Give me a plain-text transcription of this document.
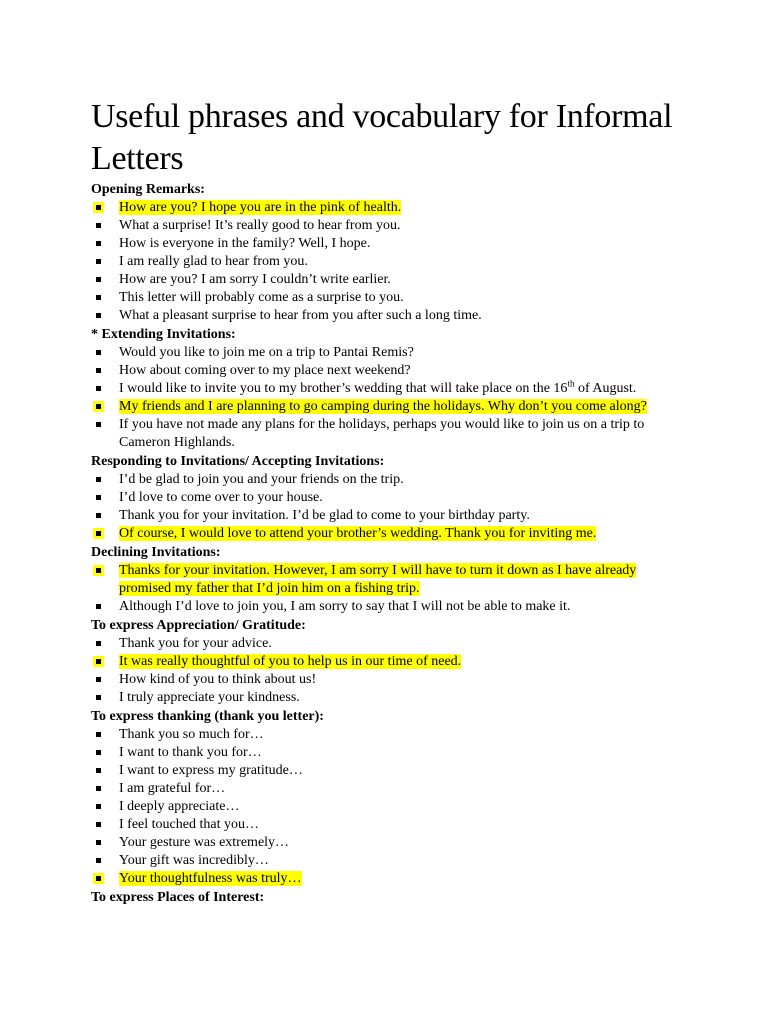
Useful phrases and vocabulary for Informal Letters
Opening Remarks:
How are you? I hope you are in the pink of health.
What a surprise! It’s really good to hear from you.
How is everyone in the family? Well, I hope.
I am really glad to hear from you.
How are you? I am sorry I couldn’t write earlier.
This letter will probably come as a surprise to you.
What a pleasant surprise to hear from you after such a long time.
* Extending Invitations:
Would you like to join me on a trip to Pantai Remis?
How about coming over to my place next weekend?
I would like to invite you to my brother’s wedding that will take place on the 16th of August.
My friends and I are planning to go camping during the holidays. Why don’t you come along?
If you have not made any plans for the holidays, perhaps you would like to join us on a trip to Cameron Highlands.
Responding to Invitations/ Accepting Invitations:
I’d be glad to join you and your friends on the trip.
I’d love to come over to your house.
Thank you for your invitation. I’d be glad to come to your birthday party.
Of course, I would love to attend your brother’s wedding. Thank you for inviting me.
Declining Invitations:
Thanks for your invitation. However, I am sorry I will have to turn it down as I have already promised my father that I’d join him on a fishing trip.
Although I’d love to join you, I am sorry to say that I will not be able to make it.
To express Appreciation/ Gratitude:
Thank you for your advice.
It was really thoughtful of you to help us in our time of need.
How kind of you to think about us!
I truly appreciate your kindness.
To express thanking (thank you letter):
Thank you so much for…
I want to thank you for…
I want to express my gratitude…
I am grateful for…
I deeply appreciate…
I feel touched that you…
Your gesture was extremely…
Your gift was incredibly…
Your thoughtfulness was truly…
To express Places of Interest:
